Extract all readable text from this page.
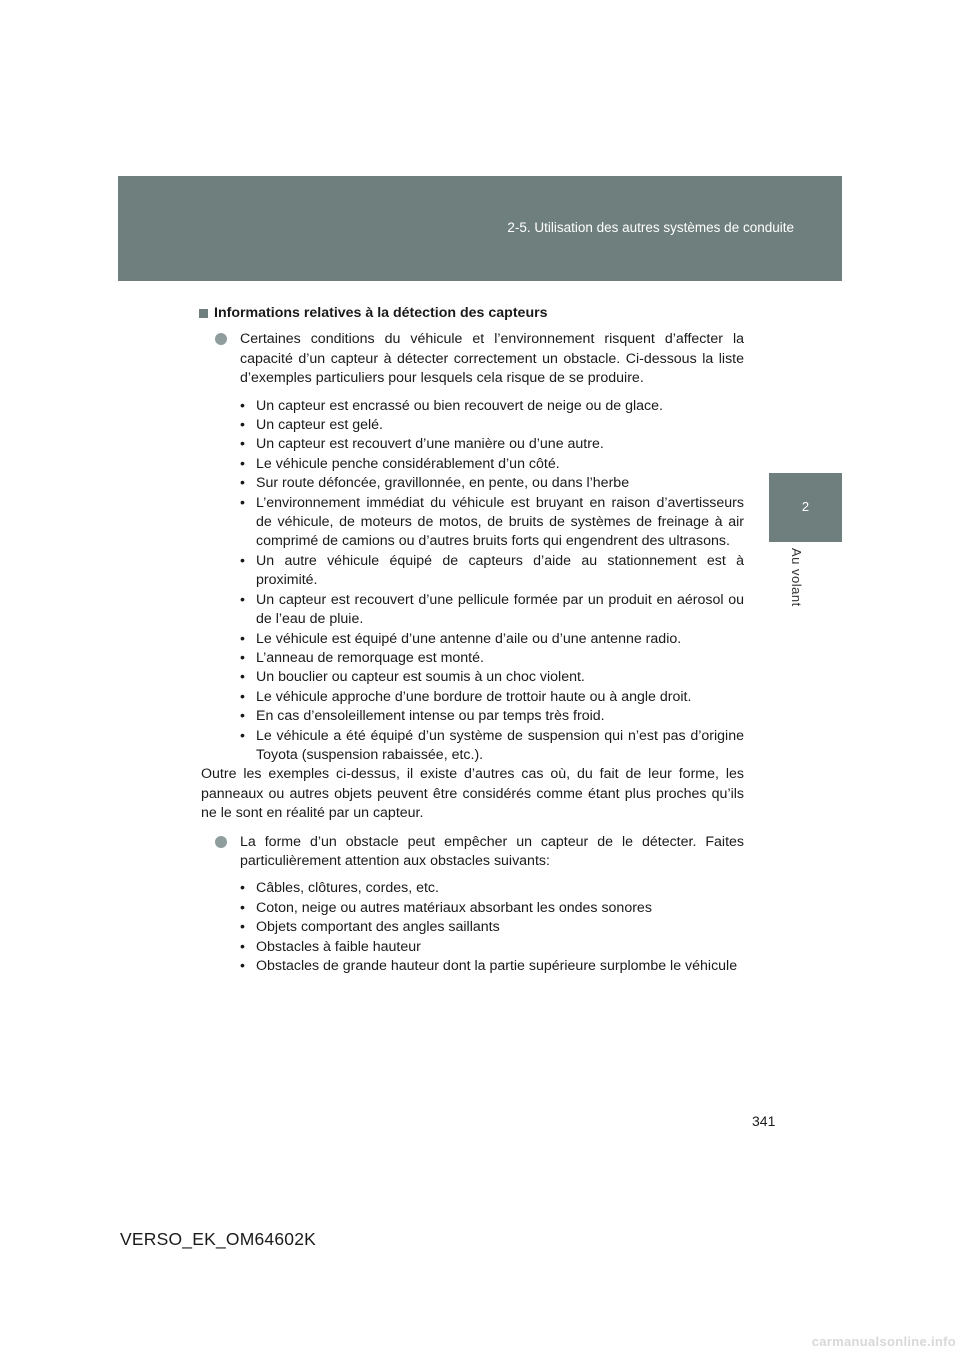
2-5. Utilisation des autres systèmes de conduite
2
Au volant
Informations relatives à la détection des capteurs
Certaines conditions du véhicule et l’environnement risquent d’affecter la capacité d’un capteur à détecter correctement un obstacle. Ci-dessous la liste d’exemples particuliers pour lesquels cela risque de se produire.
• Un capteur est encrassé ou bien recouvert de neige ou de glace.
• Un capteur est gelé.
• Un capteur est recouvert d’une manière ou d’une autre.
• Le véhicule penche considérablement d’un côté.
• Sur route défoncée, gravillonnée, en pente, ou dans l’herbe
• L’environnement immédiat du véhicule est bruyant en raison d’avertisseurs de véhicule, de moteurs de motos, de bruits de systèmes de freinage à air comprimé de camions ou d’autres bruits forts qui engendrent des ultrasons.
• Un autre véhicule équipé de capteurs d’aide au stationnement est à proximité.
• Un capteur est recouvert d’une pellicule formée par un produit en aérosol ou de l’eau de pluie.
• Le véhicule est équipé d’une antenne d’aile ou d’une antenne radio.
• L’anneau de remorquage est monté.
• Un bouclier ou capteur est soumis à un choc violent.
• Le véhicule approche d’une bordure de trottoir haute ou à angle droit.
• En cas d’ensoleillement intense ou par temps très froid.
• Le véhicule a été équipé d’un système de suspension qui n’est pas d’origine Toyota (suspension rabaissée, etc.).
Outre les exemples ci-dessus, il existe d’autres cas où, du fait de leur forme, les panneaux ou autres objets peuvent être considérés comme étant plus proches qu’ils ne le sont en réalité par un capteur.
La forme d’un obstacle peut empêcher un capteur de le détecter. Faites particulièrement attention aux obstacles suivants:
• Câbles, clôtures, cordes, etc.
• Coton, neige ou autres matériaux absorbant les ondes sonores
• Objets comportant des angles saillants
• Obstacles à faible hauteur
• Obstacles de grande hauteur dont la partie supérieure surplombe le véhicule
341
VERSO_EK_OM64602K
carmanualsonline.info
